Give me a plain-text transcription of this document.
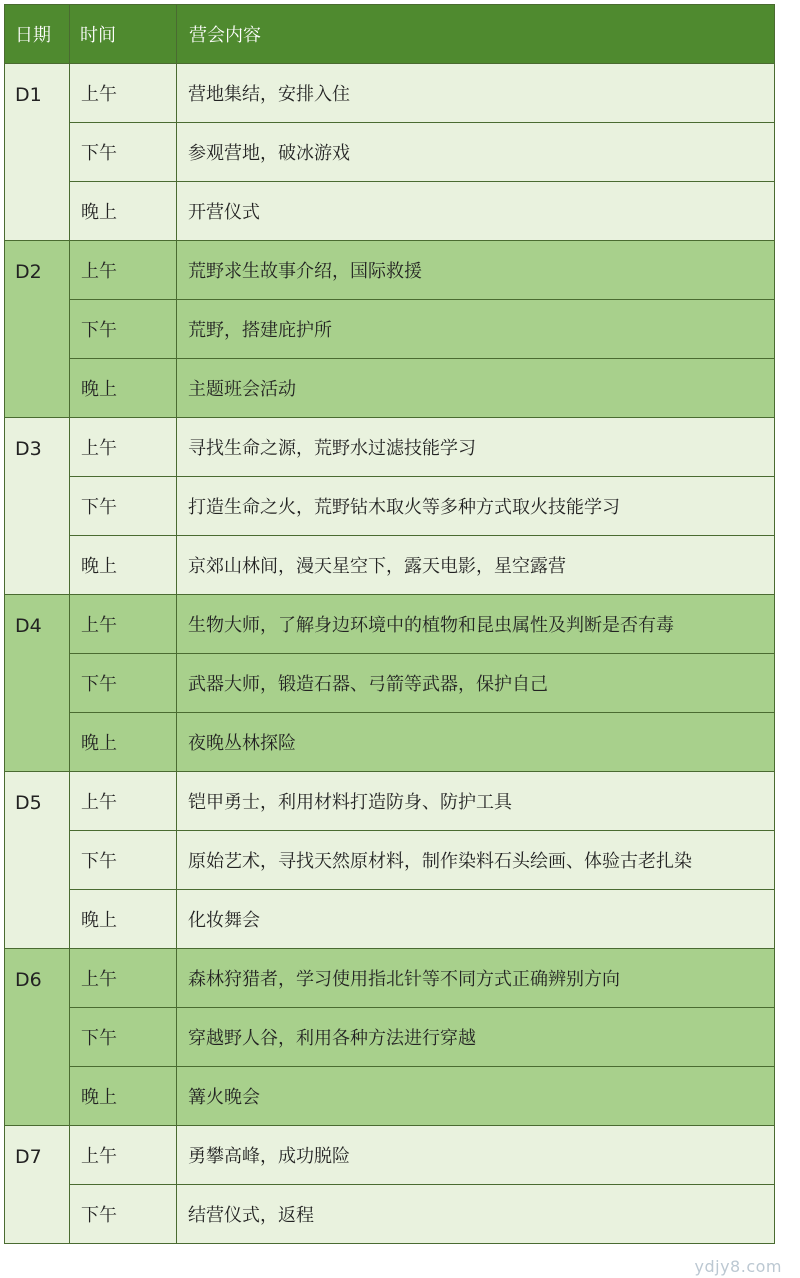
日期	时间	营会内容
D1	上午	营地集结，安排入住
	下午	参观营地，破冰游戏
	晚上	开营仪式
D2	上午	荒野求生故事介绍，国际救援
	下午	荒野，搭建庇护所
	晚上	主题班会活动
D3	上午	寻找生命之源，荒野水过滤技能学习
	下午	打造生命之火，荒野钻木取火等多种方式取火技能学习
	晚上	京郊山林间，漫天星空下，露天电影，星空露营
D4	上午	生物大师，了解身边环境中的植物和昆虫属性及判断是否有毒
	下午	武器大师，锻造石器、弓箭等武器，保护自己
	晚上	夜晚丛林探险
D5	上午	铠甲勇士，利用材料打造防身、防护工具
	下午	原始艺术，寻找天然原材料，制作染料石头绘画、体验古老扎染
	晚上	化妆舞会
D6	上午	森林狩猎者，学习使用指北针等不同方式正确辨别方向
	下午	穿越野人谷，利用各种方法进行穿越
	晚上	篝火晚会
D7	上午	勇攀高峰，成功脱险
	下午	结营仪式，返程
ydjy8.com
